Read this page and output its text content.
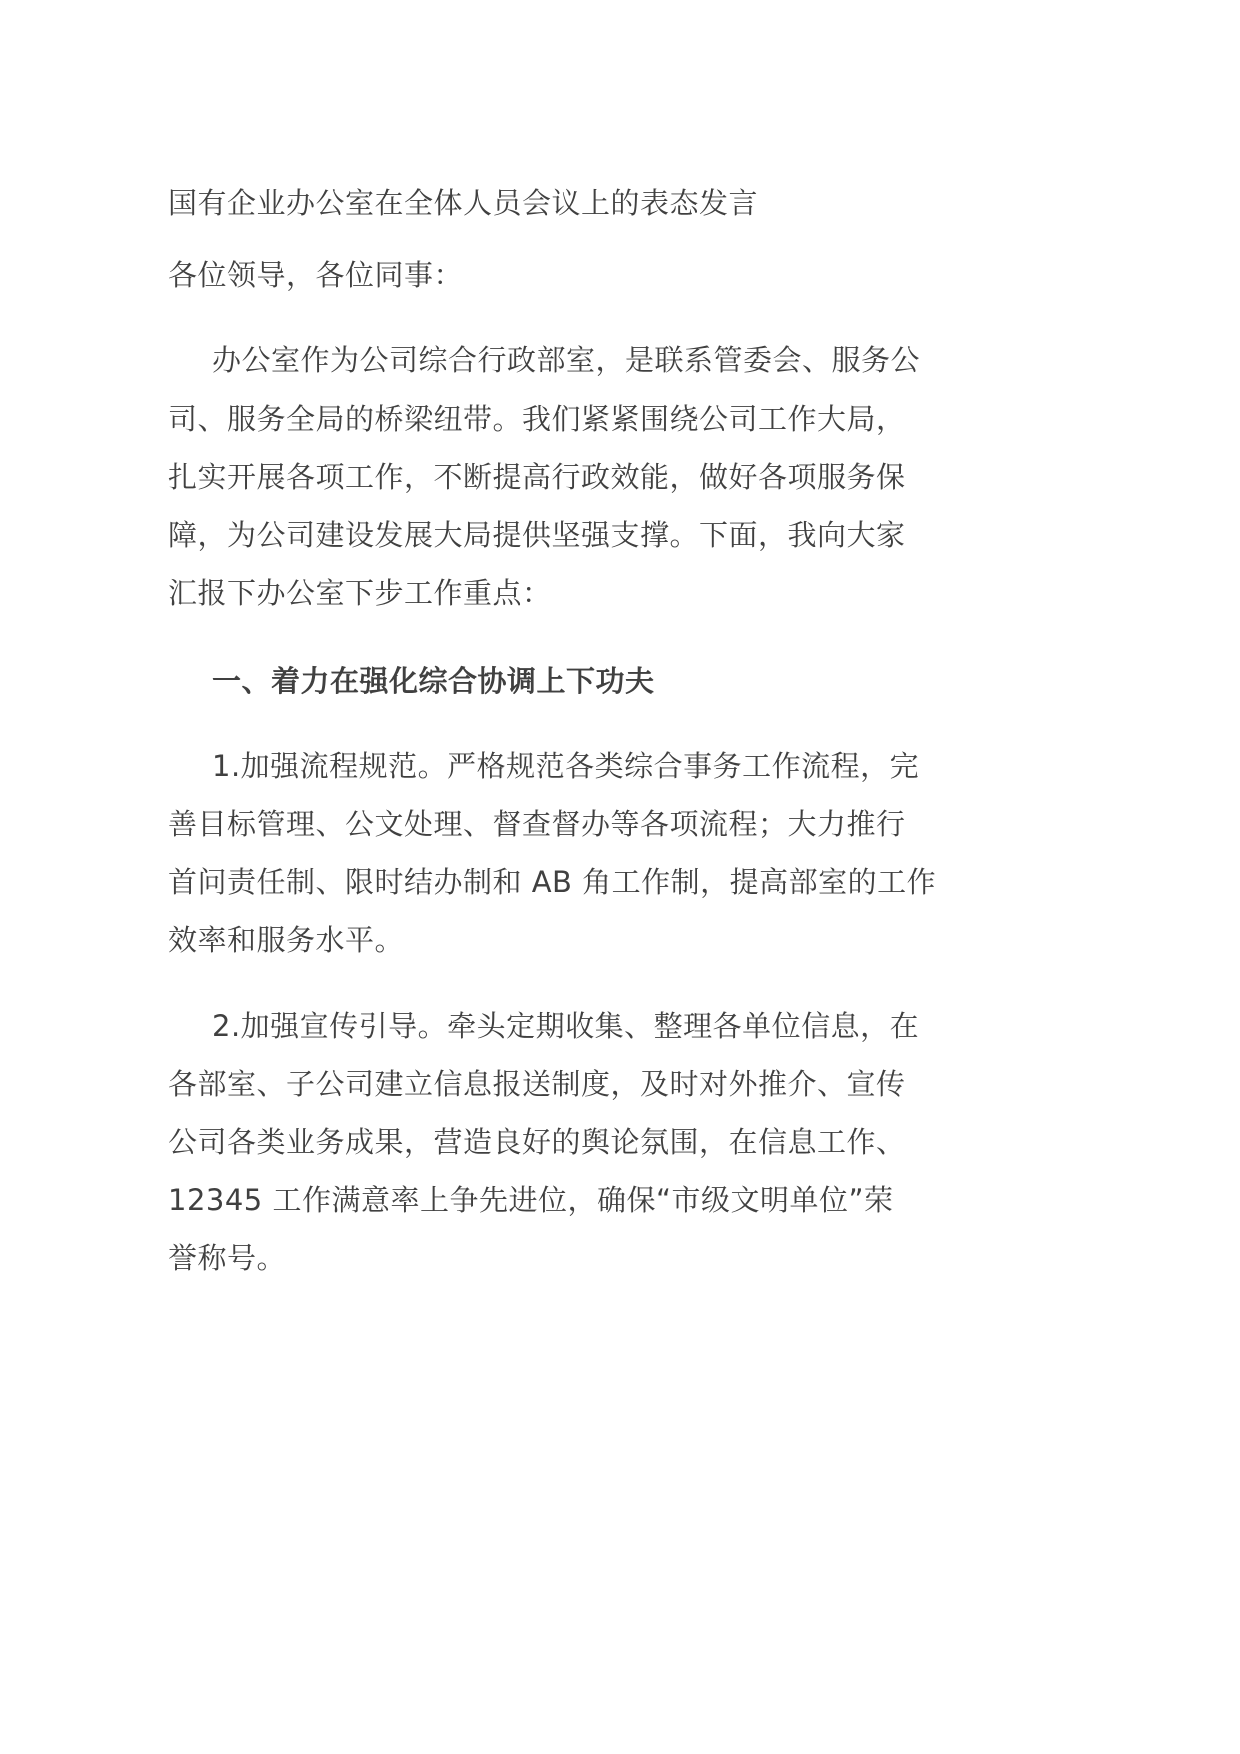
国有企业办公室在全体人员会议上的表态发言
各位领导，各位同事：
办公室作为公司综合行政部室，是联系管委会、服务公
司、服务全局的桥梁纽带。我们紧紧围绕公司工作大局，
扎实开展各项工作，不断提高行政效能，做好各项服务保
障，为公司建设发展大局提供坚强支撑。下面，我向大家
汇报下办公室下步工作重点：
一、着力在强化综合协调上下功夫
1.加强流程规范。严格规范各类综合事务工作流程，完
善目标管理、公文处理、督查督办等各项流程；大力推行
首问责任制、限时结办制和 AB 角工作制，提高部室的工作
效率和服务水平。
2.加强宣传引导。牵头定期收集、整理各单位信息，在
各部室、子公司建立信息报送制度，及时对外推介、宣传
公司各类业务成果，营造良好的舆论氛围，在信息工作、
12345 工作满意率上争先进位，确保“市级文明单位”荣
誉称号。
